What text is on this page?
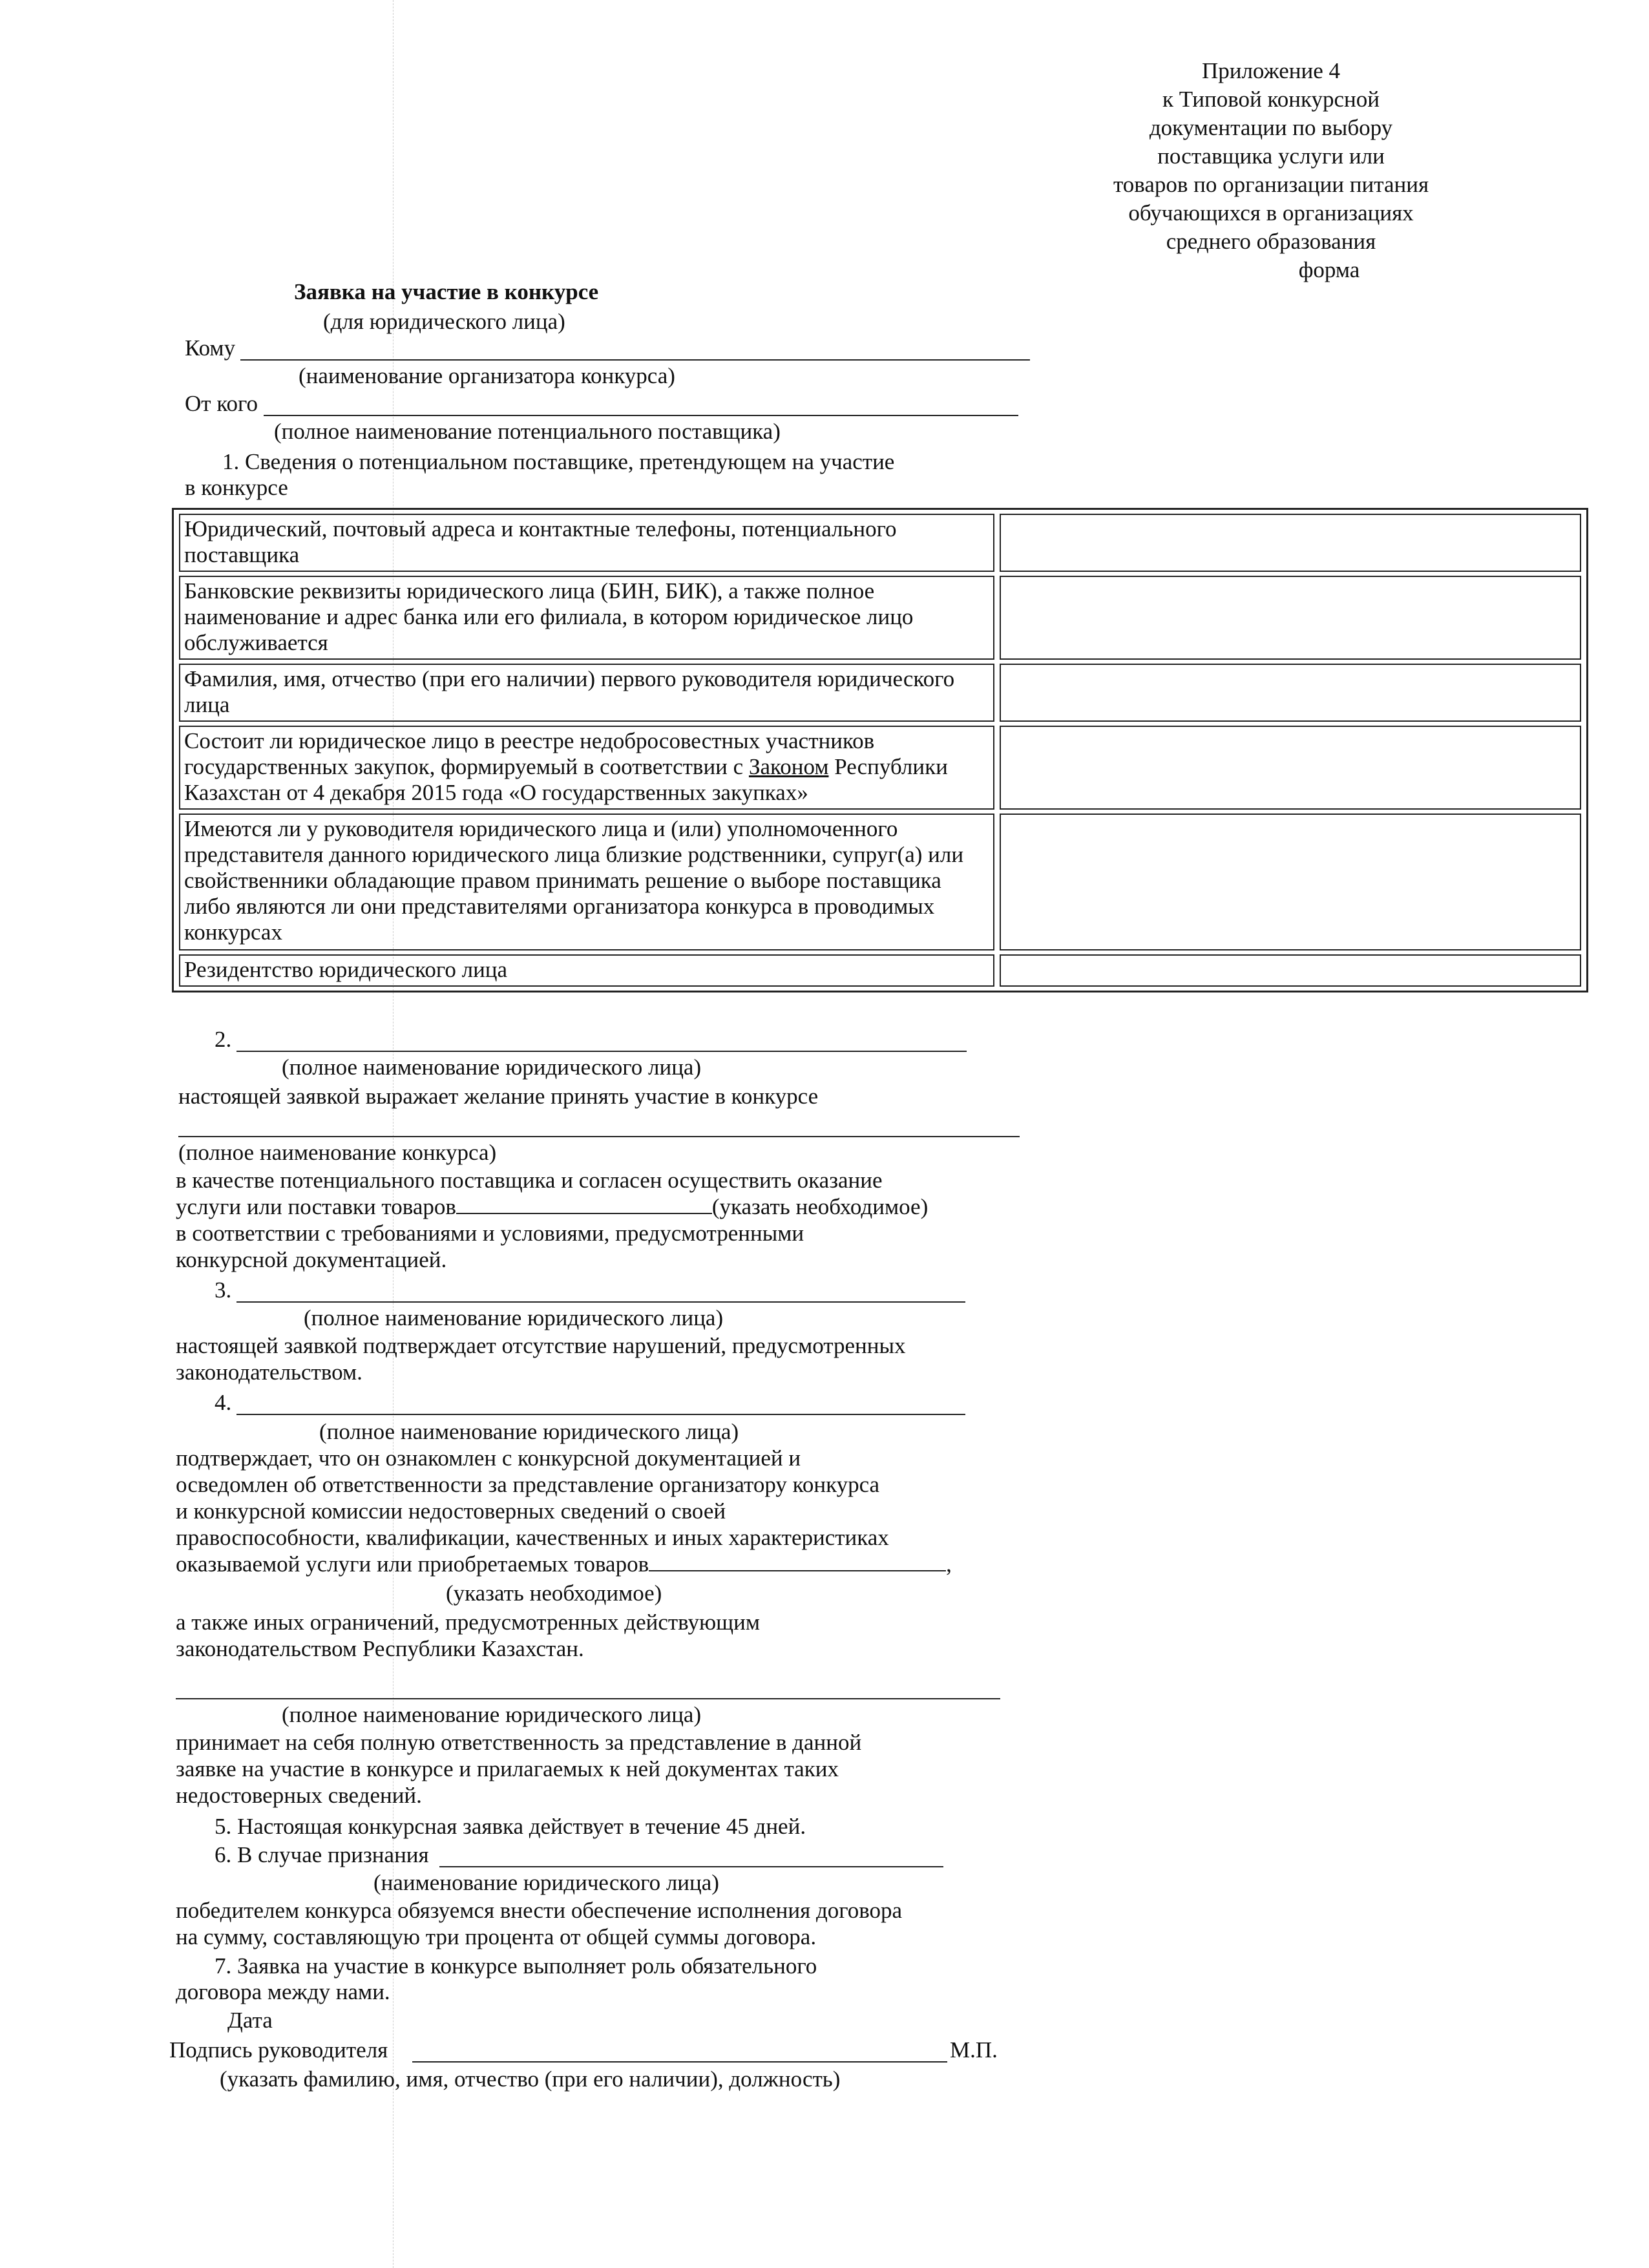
Приложение 4
к Типовой конкурсной
документации по выбору
поставщика услуги или
товаров по организации питания
обучающихся в организациях
среднего образования
форма
Заявка на участие в конкурсе
(для юридического лица)
Кому
(наименование организатора конкурса)
От кого
(полное наименование потенциального поставщика)
1. Сведения о потенциальном поставщике, претендующем на участие
в конкурсе
Юридический, почтовый адреса и контактные телефоны, потенциального поставщика	
Банковские реквизиты юридического лица (БИН, БИК), а также полное наименование и адрес банка или его филиала, в котором юридическое лицо обслуживается	
Фамилия, имя, отчество (при его наличии) первого руководителя юридического лица	
Состоит ли юридическое лицо в реестре недобросовестных участников государственных закупок, формируемый в соответствии с Законом Республики Казахстан от 4 декабря 2015 года «О государственных закупках»	
Имеются ли у руководителя юридического лица и (или) уполномоченного представителя данного юридического лица близкие родственники, супруг(а) или свойственники обладающие правом принимать решение о выборе поставщика либо являются ли они представителями организатора конкурса в проводимых конкурсах	
Резидентство юридического лица	
2.
(полное наименование юридического лица)
настоящей заявкой выражает желание принять участие в конкурсе
(полное наименование конкурса)
в качестве потенциального поставщика и согласен осуществить оказание
услуги или поставки товаров	(указать необходимое)
в соответствии с требованиями и условиями, предусмотренными
конкурсной документацией.
3.
(полное наименование юридического лица)
настоящей заявкой подтверждает отсутствие нарушений, предусмотренных
законодательством.
4.
(полное наименование юридического лица)
подтверждает, что он ознакомлен с конкурсной документацией и
осведомлен об ответственности за представление организатору конкурса
и конкурсной комиссии недостоверных сведений о своей
правоспособности, квалификации, качественных и иных характеристиках
оказываемой услуги или приобретаемых товаров	,
(указать необходимое)
а также иных ограничений, предусмотренных действующим
законодательством Республики Казахстан.
(полное наименование юридического лица)
принимает на себя полную ответственность за представление в данной
заявке на участие в конкурсе и прилагаемых к ней документах таких
недостоверных сведений.
5. Настоящая конкурсная заявка действует в течение 45 дней.
6. В случае признания
(наименование юридического лица)
победителем конкурса обязуемся внести обеспечение исполнения договора
на сумму, составляющую три процента от общей суммы договора.
7. Заявка на участие в конкурсе выполняет роль обязательного
договора между нами.
Дата
Подпись руководителя	М.П.
(указать фамилию, имя, отчество (при его наличии), должность)
